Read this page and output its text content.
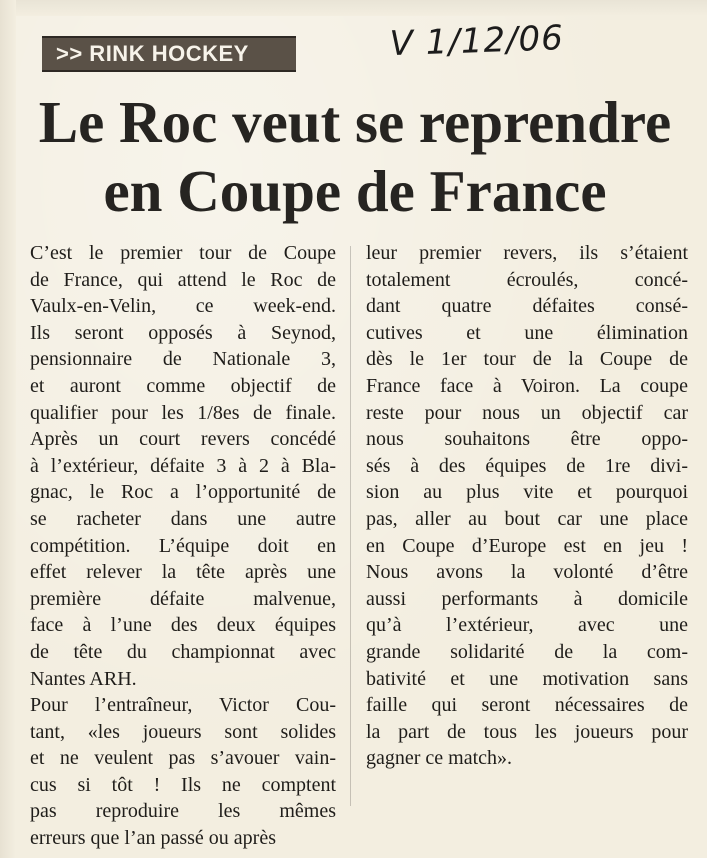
>> RINK HOCKEY	V 1/12/06
Le Roc veut se reprendre
en Coupe de France
C’est le premier tour de Coupe
de France, qui attend le Roc de
Vaulx-en-Velin, ce week-end.
Ils seront opposés à Seynod,
pensionnaire de Nationale 3,
et auront comme objectif de
qualifier pour les 1/8es de finale.
Après un court revers concédé
à l’extérieur, défaite 3 à 2 à Bla-
gnac, le Roc a l’opportunité de
se racheter dans une autre
compétition. L’équipe doit en
effet relever la tête après une
première défaite malvenue,
face à l’une des deux équipes
de tête du championnat avec
Nantes ARH.
Pour l’entraîneur, Victor Cou-
tant, «les joueurs sont solides
et ne veulent pas s’avouer vain-
cus si tôt ! Ils ne comptent
pas reproduire les mêmes
erreurs que l’an passé ou après
leur premier revers, ils s’étaient
totalement écroulés, concé-
dant quatre défaites consé-
cutives et une élimination
dès le 1er tour de la Coupe de
France face à Voiron. La coupe
reste pour nous un objectif car
nous souhaitons être oppo-
sés à des équipes de 1re divi-
sion au plus vite et pourquoi
pas, aller au bout car une place
en Coupe d’Europe est en jeu !
Nous avons la volonté d’être
aussi performants à domicile
qu’à l’extérieur, avec une
grande solidarité de la com-
bativité et une motivation sans
faille qui seront nécessaires de
la part de tous les joueurs pour
gagner ce match».
